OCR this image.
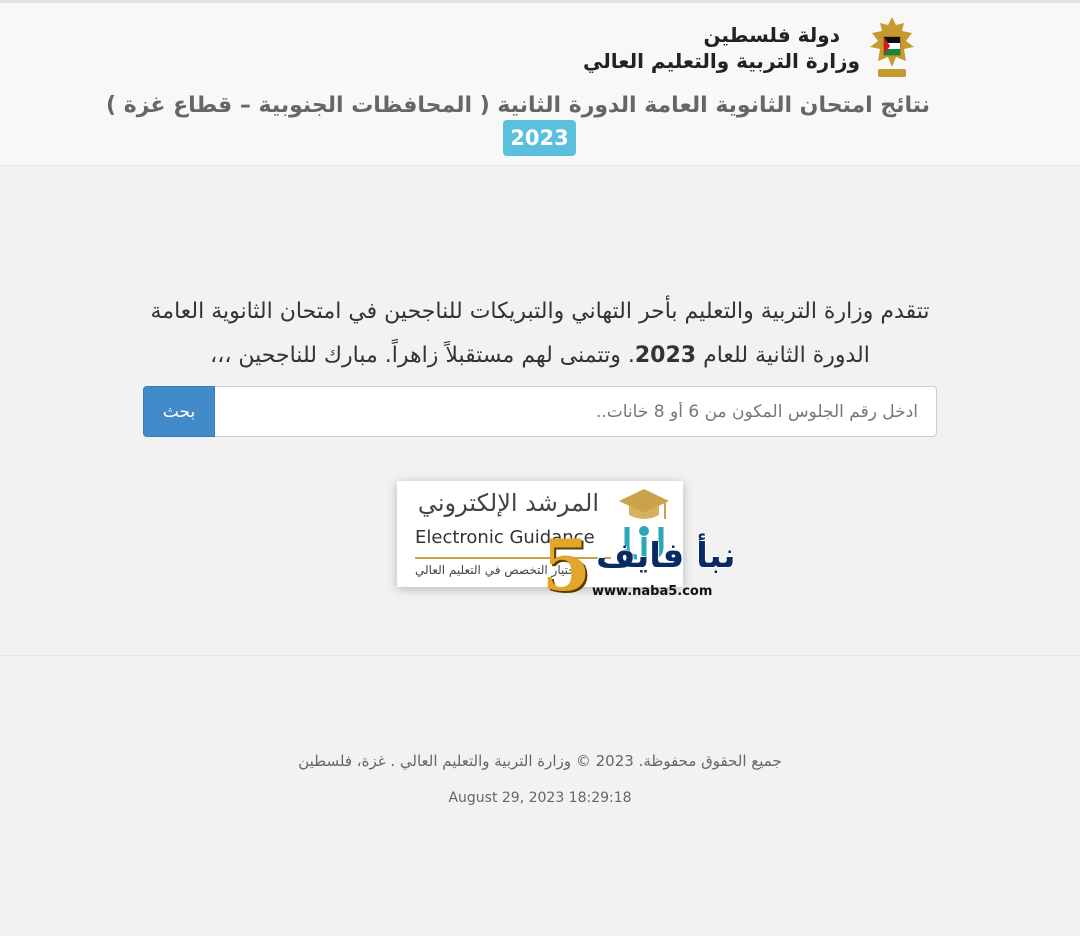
دولة فلسطين
وزارة التربية والتعليم العالي
نتائج امتحان الثانوية العامة الدورة الثانية ( المحافظات الجنوبية – قطاع غزة )
2023

تتقدم وزارة التربية والتعليم بأحر التهاني والتبريكات للناجحين في امتحان الثانوية العامة الدورة الثانية للعام 2023. وتتمنى لهم مستقبلاً زاهراً. مبارك للناجحين ،،،

بحث
ادخل رقم الجلوس المكون من 6 أو 8 خانات..
المرشد الإلكتروني
Electronic Guidance
للاختيار التخصص في التعليم العالي
5 نبأ فايف
www.naba5.com
جميع الحقوق محفوظة. 2023 © وزارة التربية والتعليم العالي . غزة، فلسطين
August 29, 2023 18:29:18
